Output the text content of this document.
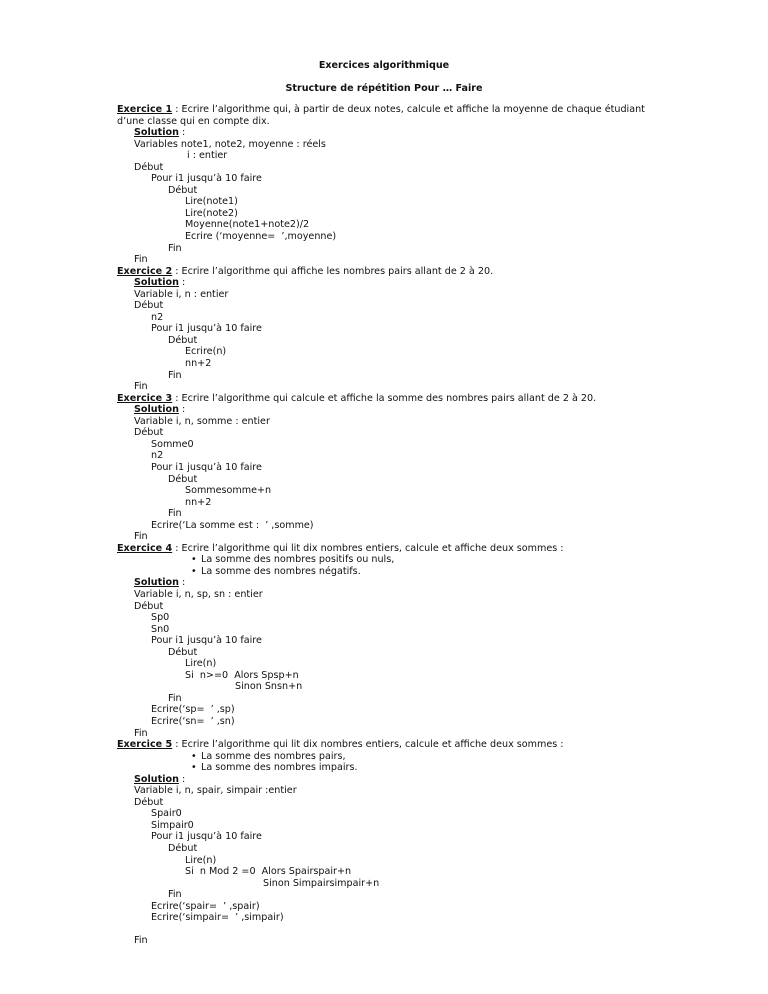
Exercices algorithmique
Structure de répétition Pour … Faire
Exercice 1 : Ecrire l’algorithme qui, à partir de deux notes, calcule et affiche la moyenne de chaque étudiant
d’une classe qui en compte dix.
Solution :
Variables note1, note2, moyenne : réels
i : entier
Début
Pour i1 jusqu’à 10 faire
Début
Lire(note1)
Lire(note2)
Moyenne(note1+note2)/2
Ecrire (‘moyenne=  ’,moyenne)
Fin
Fin
Exercice 2 : Ecrire l’algorithme qui affiche les nombres pairs allant de 2 à 20.
Solution :
Variable i, n : entier
Début
n2
Pour i1 jusqu’à 10 faire
Début
Ecrire(n)
nn+2
Fin
Fin
Exercice 3 : Ecrire l’algorithme qui calcule et affiche la somme des nombres pairs allant de 2 à 20.
Solution :
Variable i, n, somme : entier
Début
Somme0
n2
Pour i1 jusqu’à 10 faire
Début
Sommesomme+n
nn+2
Fin
Ecrire(‘La somme est :  ’ ,somme)
Fin
Exercice 4 : Ecrire l’algorithme qui lit dix nombres entiers, calcule et affiche deux sommes :
• La somme des nombres positifs ou nuls,
• La somme des nombres négatifs.
Solution :
Variable i, n, sp, sn : entier
Début
Sp0
Sn0
Pour i1 jusqu’à 10 faire
Début
Lire(n)
Si  n>=0  Alors Spsp+n
Sinon Snsn+n
Fin
Ecrire(‘sp=  ’ ,sp)
Ecrire(‘sn=  ’ ,sn)
Fin
Exercice 5 : Ecrire l’algorithme qui lit dix nombres entiers, calcule et affiche deux sommes :
• La somme des nombres pairs,
• La somme des nombres impairs.
Solution :
Variable i, n, spair, simpair :entier
Début
Spair0
Simpair0
Pour i1 jusqu’à 10 faire
Début
Lire(n)
Si  n Mod 2 =0  Alors Spairspair+n
Sinon Simpairsimpair+n
Fin
Ecrire(‘spair=  ’ ,spair)
Ecrire(‘simpair=  ’ ,simpair)
Fin
